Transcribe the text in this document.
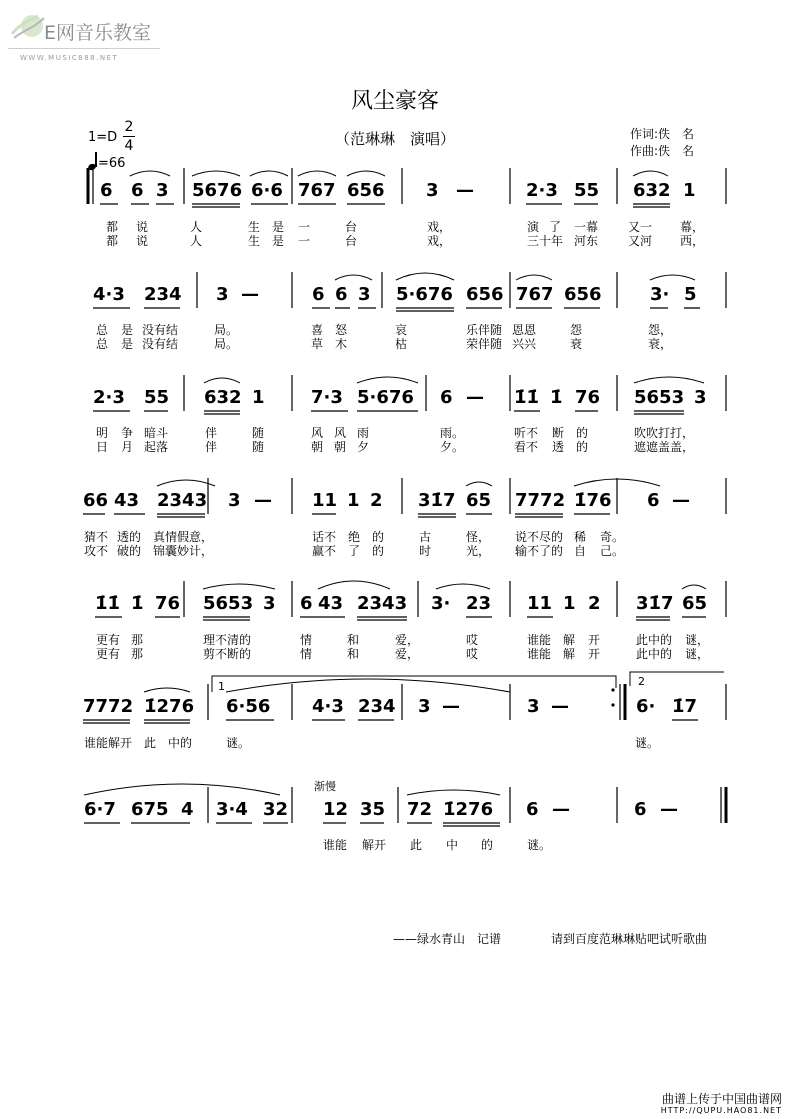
E网音乐教室
WWW.MUSIC888.NET
风尘豪客
（范琳琳　演唱）	作词:佚　名
作曲:佚　名
1=D
2
4
=66
6 6 3 5676 6·6 767 656 3 —	2·3 55 632 1
都 说	人	生 是 一	台	戏，	演 了 一幕 又一 幕，
都 说	人	生 是 一	台	戏，	三十年 河东 又河 西，
4·3 234 3 —	6 6 3 5·676 656 767 656	3· 5
总 是 没有结	局。	喜 怒	哀	乐伴随 恩恩	怨	怨，
总 是 没有结	局。	草 木	枯	荣伴随 兴兴	衰	衰，
2·3 55 632 1	7·3 5·676 6 — 1̇1̇ 1̇ 76 5653 3
明 争 暗斗	伴	随	风 风 雨	雨。	听不 断 的	吹吹打打，
日 月 起落	伴	随	朝 朝 夕	夕。	看不 透 的	遮遮盖盖，
66 43 2343 3 — 11 1 2 31̇7 65 7772 1̇76 6 —
猜不 透的 真情假意，	话不 绝 的	古	怪， 说不尽的 稀 奇。
攻不 破的 锦囊妙计，	赢不 了 的	时	光， 输不了的 自 己。
1̇1̇ 1̇ 76 5653 3 6 43 2343 3· 23 11 1 2 31̇7 65
更有 那	理不清的	情	和	爱，	哎	谁能 解 开	此中的 谜，
更有 那	剪不断的	情	和	爱，	哎	谁能 解 开	此中的 谜，
7772 1̇276 6·56 4·3 234 3 —	3 —	6· 1̇7
1	2
谁能解开 此 中的	谜。	谜。
6·7 675 4 3·4 32 12 35 72 1̇276 6 —	6 —
渐慢
谁能 解开 此 中 的	谜。
——绿水青山　记谱	请到百度范琳琳贴吧试听歌曲
曲谱上传于中国曲谱网
HTTP://QUPU.HAO81.NET
